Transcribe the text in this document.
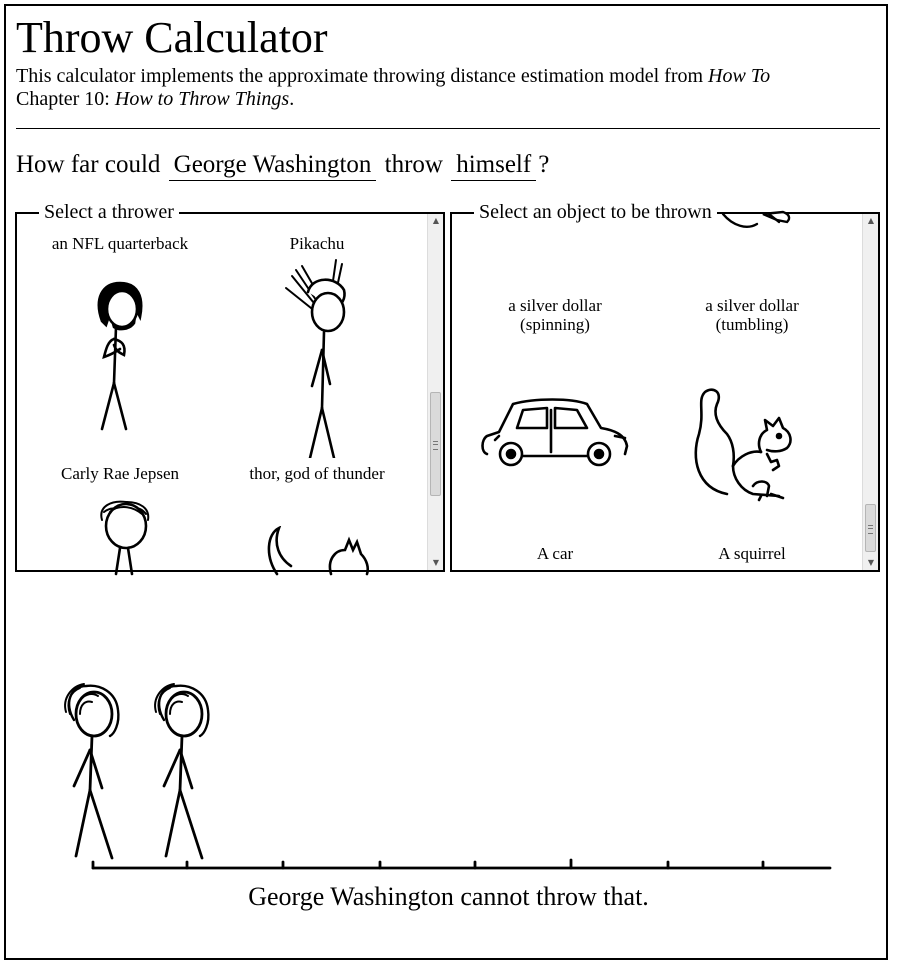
Throw Calculator
This calculator implements the approximate throwing distance estimation model from How To
Chapter 10: How to Throw Things.
How far could George Washington throw himself ?
Select a thrower
an NFL quarterback	Pikachu
Carly Rae Jepsen	thor, god of thunder
▲
▼
Select an object to be thrown
a silver dollar
(spinning)
a silver dollar
(tumbling)
A car	A squirrel
▲
▼
George Washington cannot throw that.
